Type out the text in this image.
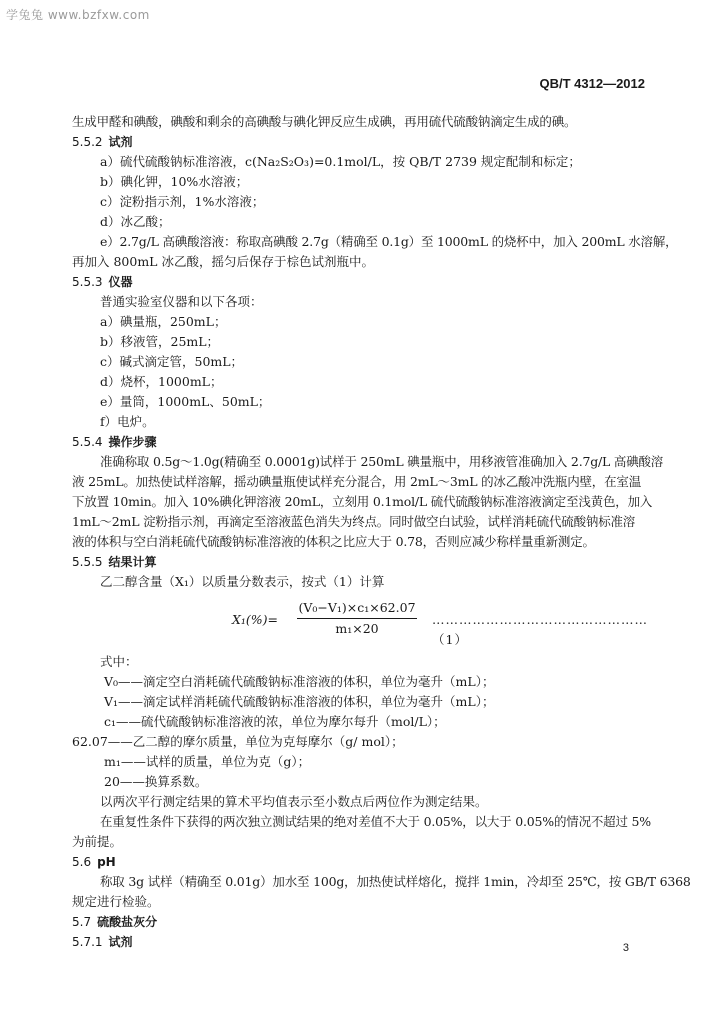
学兔兔 www.bzfxw.com
QB/T 4312—2012
生成甲醛和碘酸，碘酸和剩余的高碘酸与碘化钾反应生成碘，再用硫代硫酸钠滴定生成的碘。
5.5.2 试剂
a）硫代硫酸钠标准溶液，c(Na₂S₂O₃)=0.1mol/L，按 QB/T 2739 规定配制和标定；
b）碘化钾，10%水溶液；
c）淀粉指示剂，1%水溶液；
d）冰乙酸；
e）2.7g/L 高碘酸溶液：称取高碘酸 2.7g（精确至 0.1g）至 1000mL 的烧杯中，加入 200mL 水溶解，
再加入 800mL 冰乙酸，摇匀后保存于棕色试剂瓶中。
5.5.3 仪器
普通实验室仪器和以下各项：
a）碘量瓶，250mL；
b）移液管，25mL；
c）碱式滴定管，50mL；
d）烧杯，1000mL；
e）量筒，1000mL、50mL；
f）电炉。
5.5.4 操作步骤
准确称取 0.5g～1.0g(精确至 0.0001g)试样于 250mL 碘量瓶中，用移液管准确加入 2.7g/L 高碘酸溶
液 25mL。加热使试样溶解，摇动碘量瓶使试样充分混合，用 2mL～3mL 的冰乙酸冲洗瓶内壁，在室温
下放置 10min。加入 10%碘化钾溶液 20mL，立刻用 0.1mol/L 硫代硫酸钠标准溶液滴定至浅黄色，加入
1mL～2mL 淀粉指示剂，再滴定至溶液蓝色消失为终点。同时做空白试验，试样消耗硫代硫酸钠标准溶
液的体积与空白消耗硫代硫酸钠标准溶液的体积之比应大于 0.78，否则应减少称样量重新测定。
5.5.5 结果计算
乙二醇含量（X₁）以质量分数表示，按式（1）计算
$X_1(\%)= \frac{\text{(V₀−V₁)×c₁×62.07}}{\text{m₁×20}}$ …………………………………………（1）
式中：
V₀——滴定空白消耗硫代硫酸钠标准溶液的体积，单位为毫升（mL）；
V₁——滴定试样消耗硫代硫酸钠标准溶液的体积，单位为毫升（mL）；
c₁——硫代硫酸钠标准溶液的浓，单位为摩尔每升（mol/L）；
62.07——乙二醇的摩尔质量，单位为克每摩尔（g/ mol）；
m₁——试样的质量，单位为克（g）；
20——换算系数。
以两次平行测定结果的算术平均值表示至小数点后两位作为测定结果。
在重复性条件下获得的两次独立测试结果的绝对差值不大于 0.05%，以大于 0.05%的情况不超过 5%
为前提。
5.6 pH
称取 3g 试样（精确至 0.01g）加水至 100g，加热使试样熔化，搅拌 1min，冷却至 25℃，按 GB/T 6368
规定进行检验。
5.7 硫酸盐灰分
5.7.1 试剂	3
